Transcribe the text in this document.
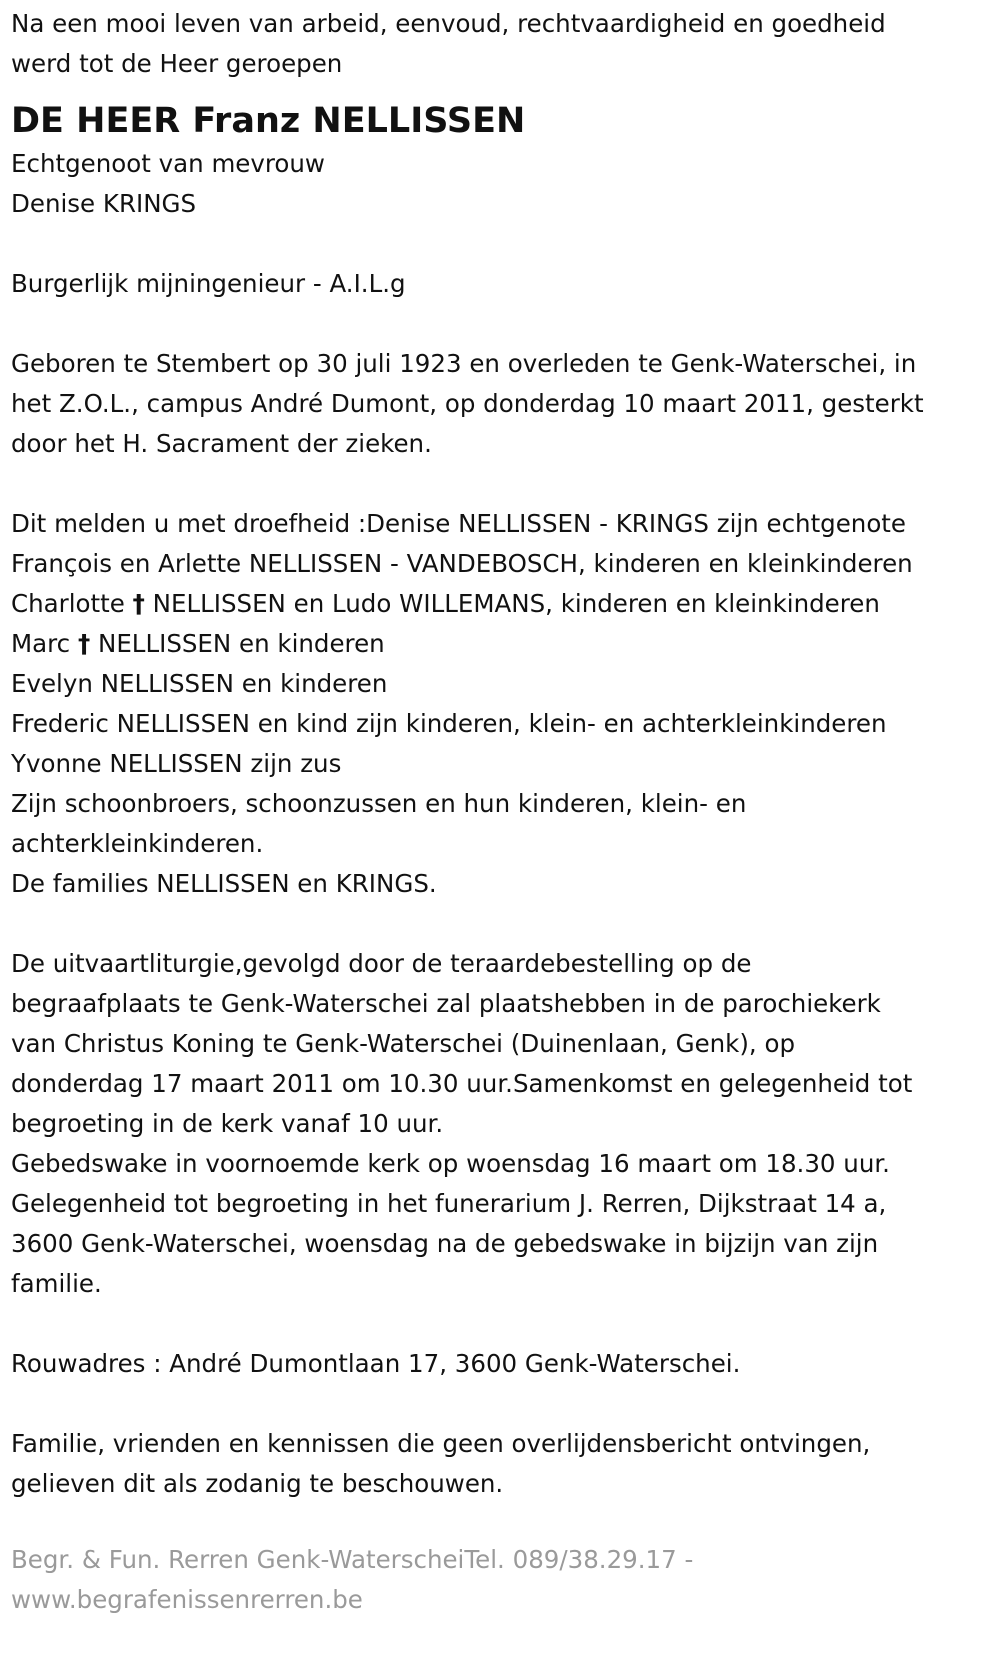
Na een mooi leven van arbeid, eenvoud, rechtvaardigheid en goedheid
werd tot de Heer geroepen
DE HEER Franz NELLISSEN
Echtgenoot van mevrouw
Denise KRINGS
Burgerlijk mijningenieur - A.I.L.g
Geboren te Stembert op 30 juli 1923 en overleden te Genk-Waterschei, in
het Z.O.L., campus André Dumont, op donderdag 10 maart 2011, gesterkt
door het H. Sacrament der zieken.
Dit melden u met droefheid :Denise NELLISSEN - KRINGS zijn echtgenote
François en Arlette NELLISSEN - VANDEBOSCH, kinderen en kleinkinderen
Charlotte † NELLISSEN en Ludo WILLEMANS, kinderen en kleinkinderen
Marc † NELLISSEN en kinderen
Evelyn NELLISSEN en kinderen
Frederic NELLISSEN en kind zijn kinderen, klein- en achterkleinkinderen
Yvonne NELLISSEN zijn zus
Zijn schoonbroers, schoonzussen en hun kinderen, klein- en
achterkleinkinderen.
De families NELLISSEN en KRINGS.
De uitvaartliturgie,gevolgd door de teraardebestelling op de
begraafplaats te Genk-Waterschei zal plaatshebben in de parochiekerk
van Christus Koning te Genk-Waterschei (Duinenlaan, Genk), op
donderdag 17 maart 2011 om 10.30 uur.Samenkomst en gelegenheid tot
begroeting in de kerk vanaf 10 uur.
Gebedswake in voornoemde kerk op woensdag 16 maart om 18.30 uur.
Gelegenheid tot begroeting in het funerarium J. Rerren, Dijkstraat 14 a,
3600 Genk-Waterschei, woensdag na de gebedswake in bijzijn van zijn
familie.
Rouwadres : André Dumontlaan 17, 3600 Genk-Waterschei.
Familie, vrienden en kennissen die geen overlijdensbericht ontvingen,
gelieven dit als zodanig te beschouwen.
Begr. & Fun. Rerren Genk-WaterscheiTel. 089/38.29.17 -
www.begrafenissenrerren.be
